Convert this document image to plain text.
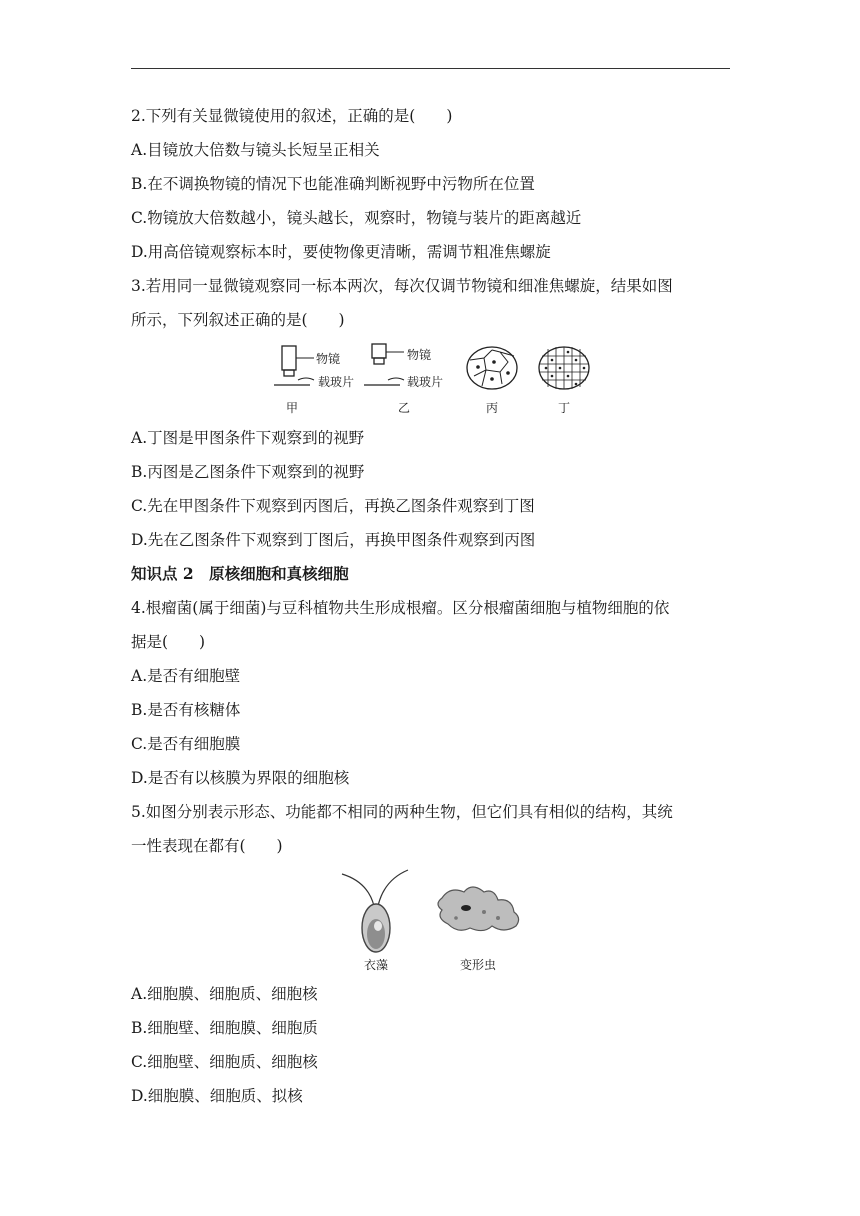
2.下列有关显微镜使用的叙述，正确的是(　　)
A.目镜放大倍数与镜头长短呈正相关
B.在不调换物镜的情况下也能准确判断视野中污物所在位置
C.物镜放大倍数越小，镜头越长，观察时，物镜与装片的距离越近
D.用高倍镜观察标本时，要使物像更清晰，需调节粗准焦螺旋
3.若用同一显微镜观察同一标本两次，每次仅调节物镜和细准焦螺旋，结果如图
所示，下列叙述正确的是(　　)
物镜
载玻片
物镜
载玻片
甲	乙	丙	丁
A.丁图是甲图条件下观察到的视野
B.丙图是乙图条件下观察到的视野
C.先在甲图条件下观察到丙图后，再换乙图条件观察到丁图
D.先在乙图条件下观察到丁图后，再换甲图条件观察到丙图
知识点 2　原核细胞和真核细胞
4.根瘤菌(属于细菌)与豆科植物共生形成根瘤。区分根瘤菌细胞与植物细胞的依
据是(　　)
A.是否有细胞壁
B.是否有核糖体
C.是否有细胞膜
D.是否有以核膜为界限的细胞核
5.如图分别表示形态、功能都不相同的两种生物，但它们具有相似的结构，其统
一性表现在都有(　　)
衣藻	变形虫
A.细胞膜、细胞质、细胞核
B.细胞壁、细胞膜、细胞质
C.细胞壁、细胞质、细胞核
D.细胞膜、细胞质、拟核
